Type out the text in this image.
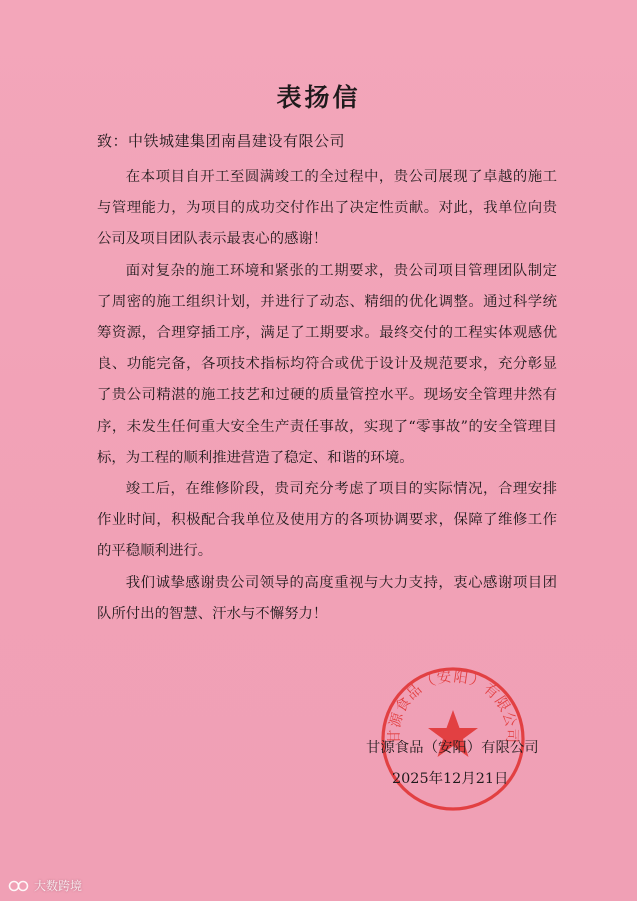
表扬信
致：中铁城建集团南昌建设有限公司

在本项目自开工至圆满竣工的全过程中，贵公司展现了卓越的施工与管理能力，为项目的成功交付作出了决定性贡献。对此，我单位向贵公司及项目团队表示最衷心的感谢！

面对复杂的施工环境和紧张的工期要求，贵公司项目管理团队制定了周密的施工组织计划，并进行了动态、精细的优化调整。通过科学统筹资源，合理穿插工序，满足了工期要求。最终交付的工程实体观感优良、功能完备，各项技术指标均符合或优于设计及规范要求，充分彰显了贵公司精湛的施工技艺和过硬的质量管控水平。现场安全管理井然有序，未发生任何重大安全生产责任事故，实现了“零事故”的安全管理目标，为工程的顺利推进营造了稳定、和谐的环境。

竣工后，在维修阶段，贵司充分考虑了项目的实际情况，合理安排作业时间，积极配合我单位及使用方的各项协调要求，保障了维修工作的平稳顺利进行。

我们诚挚感谢贵公司领导的高度重视与大力支持，衷心感谢项目团队所付出的智慧、汗水与不懈努力！

甘源食品（安阳）有限公司
甘源食品（安阳）有限公司
2025年12月21日
大数跨境
